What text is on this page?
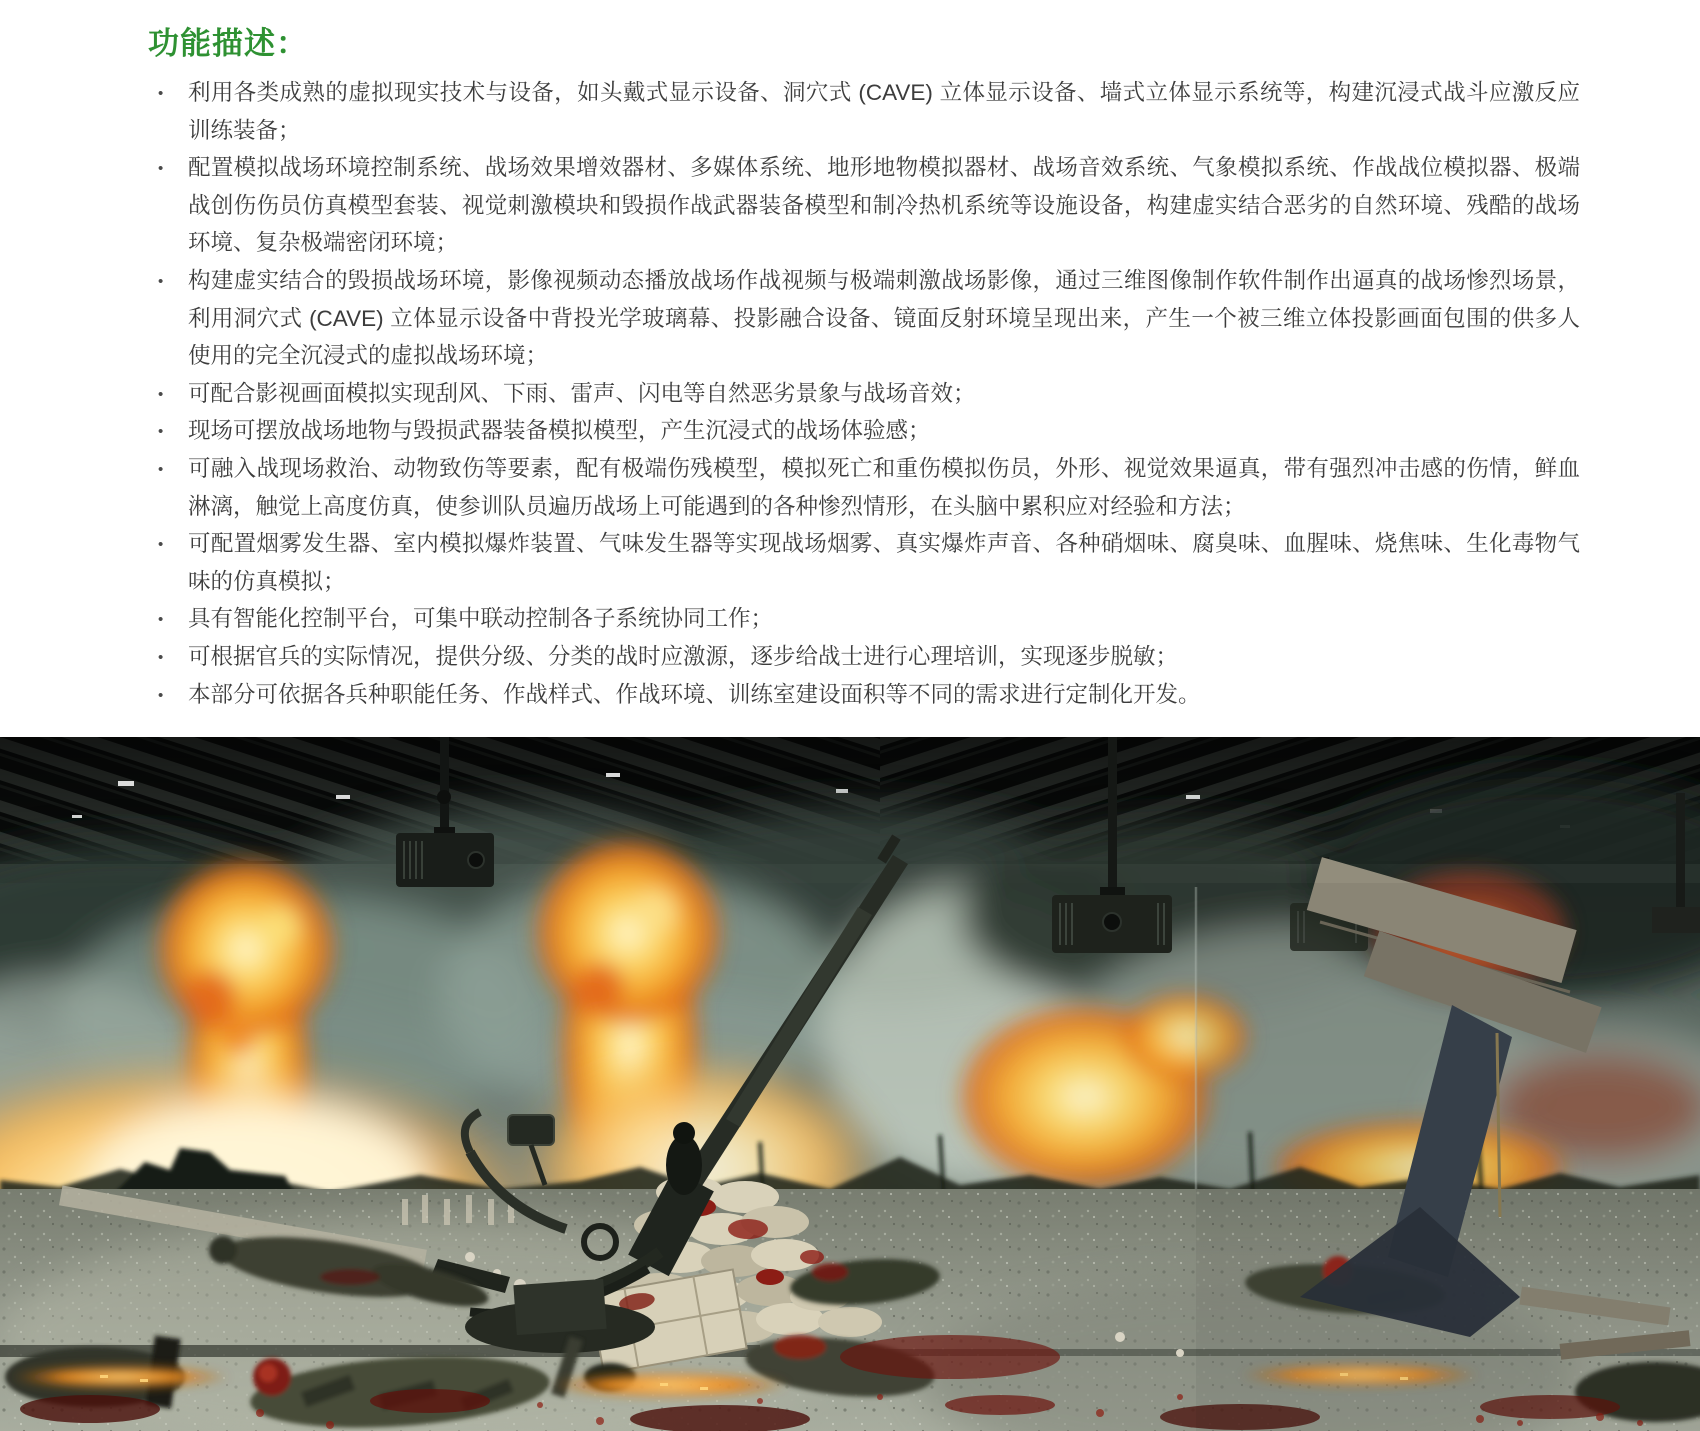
功能描述：
• 利用各类成熟的虚拟现实技术与设备，如头戴式显示设备、洞穴式 (CAVE) 立体显示设备、墙式立体显示系统等，构建沉浸式战斗应激反应训练装备；
• 配置模拟战场环境控制系统、战场效果增效器材、多媒体系统、地形地物模拟器材、战场音效系统、气象模拟系统、作战战位模拟器、极端战创伤伤员仿真模型套装、视觉刺激模块和毁损作战武器装备模型和制冷热机系统等设施设备，构建虚实结合恶劣的自然环境、残酷的战场环境、复杂极端密闭环境；
• 构建虚实结合的毁损战场环境，影像视频动态播放战场作战视频与极端刺激战场影像，通过三维图像制作软件制作出逼真的战场惨烈场景，利用洞穴式 (CAVE) 立体显示设备中背投光学玻璃幕、投影融合设备、镜面反射环境呈现出来，产生一个被三维立体投影画面包围的供多人使用的完全沉浸式的虚拟战场环境；
• 可配合影视画面模拟实现刮风、下雨、雷声、闪电等自然恶劣景象与战场音效；
• 现场可摆放战场地物与毁损武器装备模拟模型，产生沉浸式的战场体验感；
• 可融入战现场救治、动物致伤等要素，配有极端伤残模型，模拟死亡和重伤模拟伤员，外形、视觉效果逼真，带有强烈冲击感的伤情，鲜血淋漓，触觉上高度仿真，使参训队员遍历战场上可能遇到的各种惨烈情形，在头脑中累积应对经验和方法；
• 可配置烟雾发生器、室内模拟爆炸装置、气味发生器等实现战场烟雾、真实爆炸声音、各种硝烟味、腐臭味、血腥味、烧焦味、生化毒物气味的仿真模拟；
• 具有智能化控制平台，可集中联动控制各子系统协同工作；
• 可根据官兵的实际情况，提供分级、分类的战时应激源，逐步给战士进行心理培训，实现逐步脱敏；
• 本部分可依据各兵种职能任务、作战样式、作战环境、训练室建设面积等不同的需求进行定制化开发。
